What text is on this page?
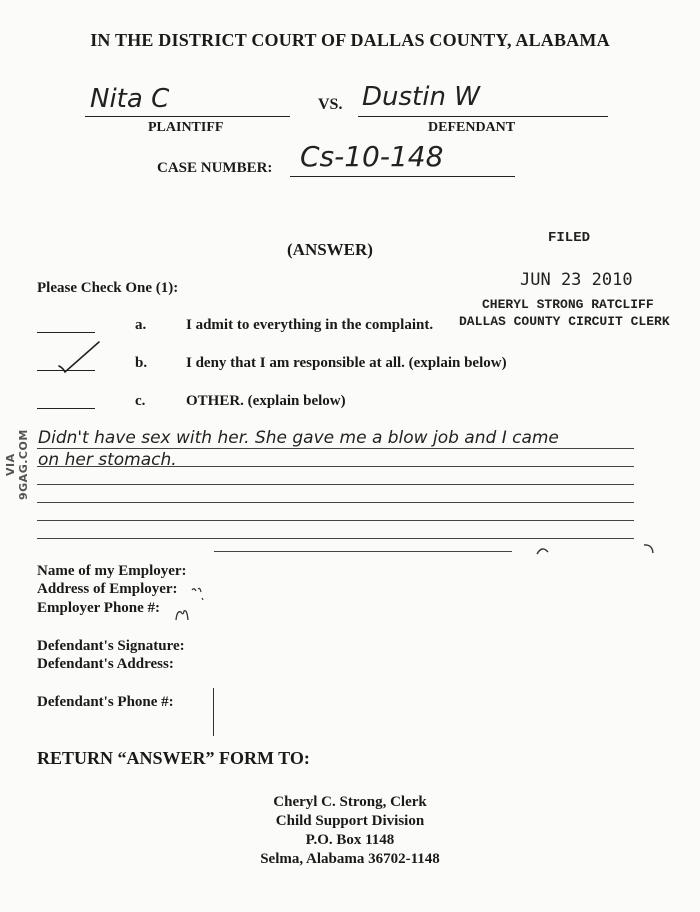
IN THE DISTRICT COURT OF DALLAS COUNTY, ALABAMA
Nita C
PLAINTIFF
VS. Dustin W
DEFENDANT
CASE NUMBER: Cs-10-148
(ANSWER)
FILED
JUN 23 2010
CHERYL STRONG RATCLIFF
DALLAS COUNTY CIRCUIT CLERK
Please Check One (1):
a.	I admit to everything in the complaint.
b.	I deny that I am responsible at all. (explain below)
c.	OTHER. (explain below)
VIA 9GAG.COM Didn't have sex with her. She gave me a blow job and I came
on her stomach.
Name of my Employer:
Address of Employer:
Employer Phone #:
Defendant's Signature:
Defendant's Address:
Defendant's Phone #:
RETURN “ANSWER” FORM TO:
Cheryl C. Strong, Clerk
Child Support Division
P.O. Box 1148
Selma, Alabama 36702-1148
